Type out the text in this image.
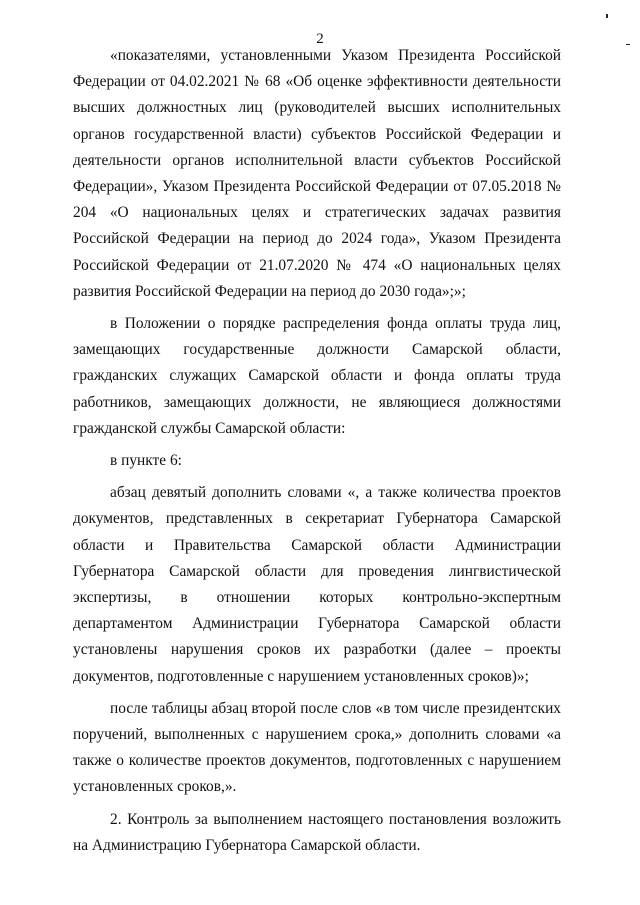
2

«показателями, установленными Указом Президента Российской Федерации от 04.02.2021 № 68 «Об оценке эффективности деятельности высших должностных лиц (руководителей высших исполнительных органов государственной власти) субъектов Российской Федерации и деятельности органов исполнительной власти субъектов Российской Федерации», Указом Президента Российской Федерации от 07.05.2018 № 204 «О национальных целях и стратегических задачах развития Российской Федерации на период до 2024 года», Указом Президента Российской Федерации от 21.07.2020 № 474 «О национальных целях развития Российской Федерации на период до 2030 года»;»;

в Положении о порядке распределения фонда оплаты труда лиц, замещающих государственные должности Самарской области, гражданских служащих Самарской области и фонда оплаты труда работников, замещающих должности, не являющиеся должностями гражданской службы Самарской области:

в пункте 6:

абзац девятый дополнить словами «, а также количества проектов документов, представленных в секретариат Губернатора Самарской области и Правительства Самарской области Администрации Губернатора Самарской области для проведения лингвистической экспертизы, в отношении которых контрольно-экспертным департаментом Администрации Губернатора Самарской области установлены нарушения сроков их разработки (далее – проекты документов, подготовленные с нарушением установленных сроков)»;

после таблицы абзац второй после слов «в том числе президентских поручений, выполненных с нарушением срока,» дополнить словами «а также о количестве проектов документов, подготовленных с нарушением установленных сроков,».

2. Контроль за выполнением настоящего постановления возложить на Администрацию Губернатора Самарской области.
